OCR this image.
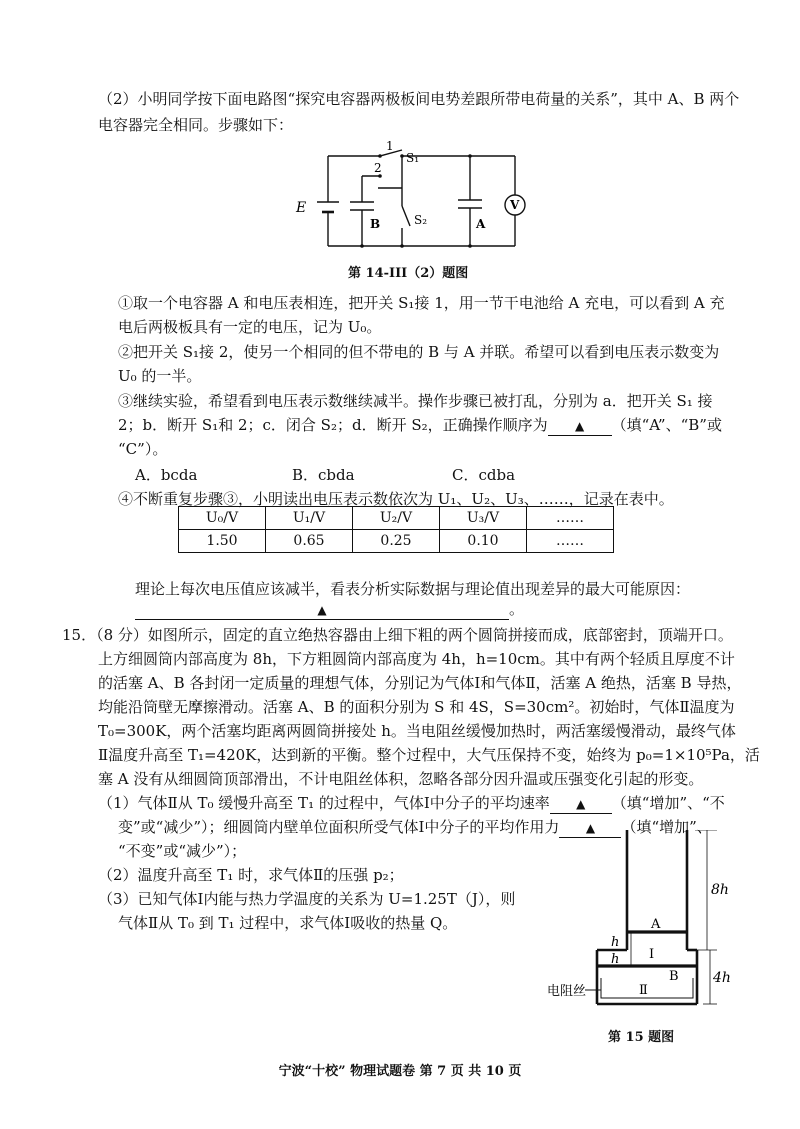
（2）小明同学按下面电路图“探究电容器两极板间电势差跟所带电荷量的关系”，其中 A、B 两个
电容器完全相同。步骤如下：
E
1
2
S₁
S₂
B	A
V
第 14-III（2）题图
①取一个电容器 A 和电压表相连，把开关 S₁接 1，用一节干电池给 A 充电，可以看到 A 充
电后两极板具有一定的电压，记为 U₀。
②把开关 S₁接 2，使另一个相同的但不带电的 B 与 A 并联。希望可以看到电压表示数变为
U₀ 的一半。
③继续实验，希望看到电压表示数继续减半。操作步骤已被打乱，分别为 a．把开关 S₁ 接
2；b．断开 S₁和 2；c．闭合 S₂；d．断开 S₂，正确操作顺序为 ▲ （填“A”、“B”或
“C”）。
A．bcda	B．cbda	C．cdba
④不断重复步骤③，小明读出电压表示数依次为 U₁、U₂、U₃、……，记录在表中。
U₀/V	U₁/V	U₂/V	U₃/V	……
1.50	0.65	0.25	0.10	……
理论上每次电压值应该减半，看表分析实际数据与理论值出现差异的最大可能原因：
▲	。
15．（8 分）如图所示，固定的直立绝热容器由上细下粗的两个圆筒拼接而成，底部密封，顶端开口。
上方细圆筒内部高度为 8h，下方粗圆筒内部高度为 4h，h=10cm。其中有两个轻质且厚度不计
的活塞 A、B 各封闭一定质量的理想气体，分别记为气体Ⅰ和气体Ⅱ，活塞 A 绝热，活塞 B 导热，
均能沿筒壁无摩擦滑动。活塞 A、B 的面积分别为 S 和 4S，S=30cm²。初始时，气体Ⅱ温度为
T₀=300K，两个活塞均距离两圆筒拼接处 h。当电阻丝缓慢加热时，两活塞缓慢滑动，最终气体
Ⅱ温度升高至 T₁=420K，达到新的平衡。整个过程中，大气压保持不变，始终为 p₀=1×10⁵Pa，活
塞 A 没有从细圆筒顶部滑出，不计电阻丝体积，忽略各部分因升温或压强变化引起的形变。
（1）气体Ⅱ从 T₀ 缓慢升高至 T₁ 的过程中，气体Ⅰ中分子的平均速率 ▲ （填“增加”、“不
变”或“减少”）；细圆筒内壁单位面积所受气体Ⅰ中分子的平均作用力 ▲ （填“增加”、
“不变”或“减少”）；
（2）温度升高至 T₁ 时，求气体Ⅱ的压强 p₂；
（3）已知气体Ⅰ内能与热力学温度的关系为 U=1.25T（J），则
气体Ⅱ从 T₀ 到 T₁ 过程中，求气体Ⅰ吸收的热量 Q。
8h
4h
h
h
A
Ⅰ
B
Ⅱ
电阻丝
第 15 题图
宁波“十校” 物理试题卷 第 7 页 共 10 页
